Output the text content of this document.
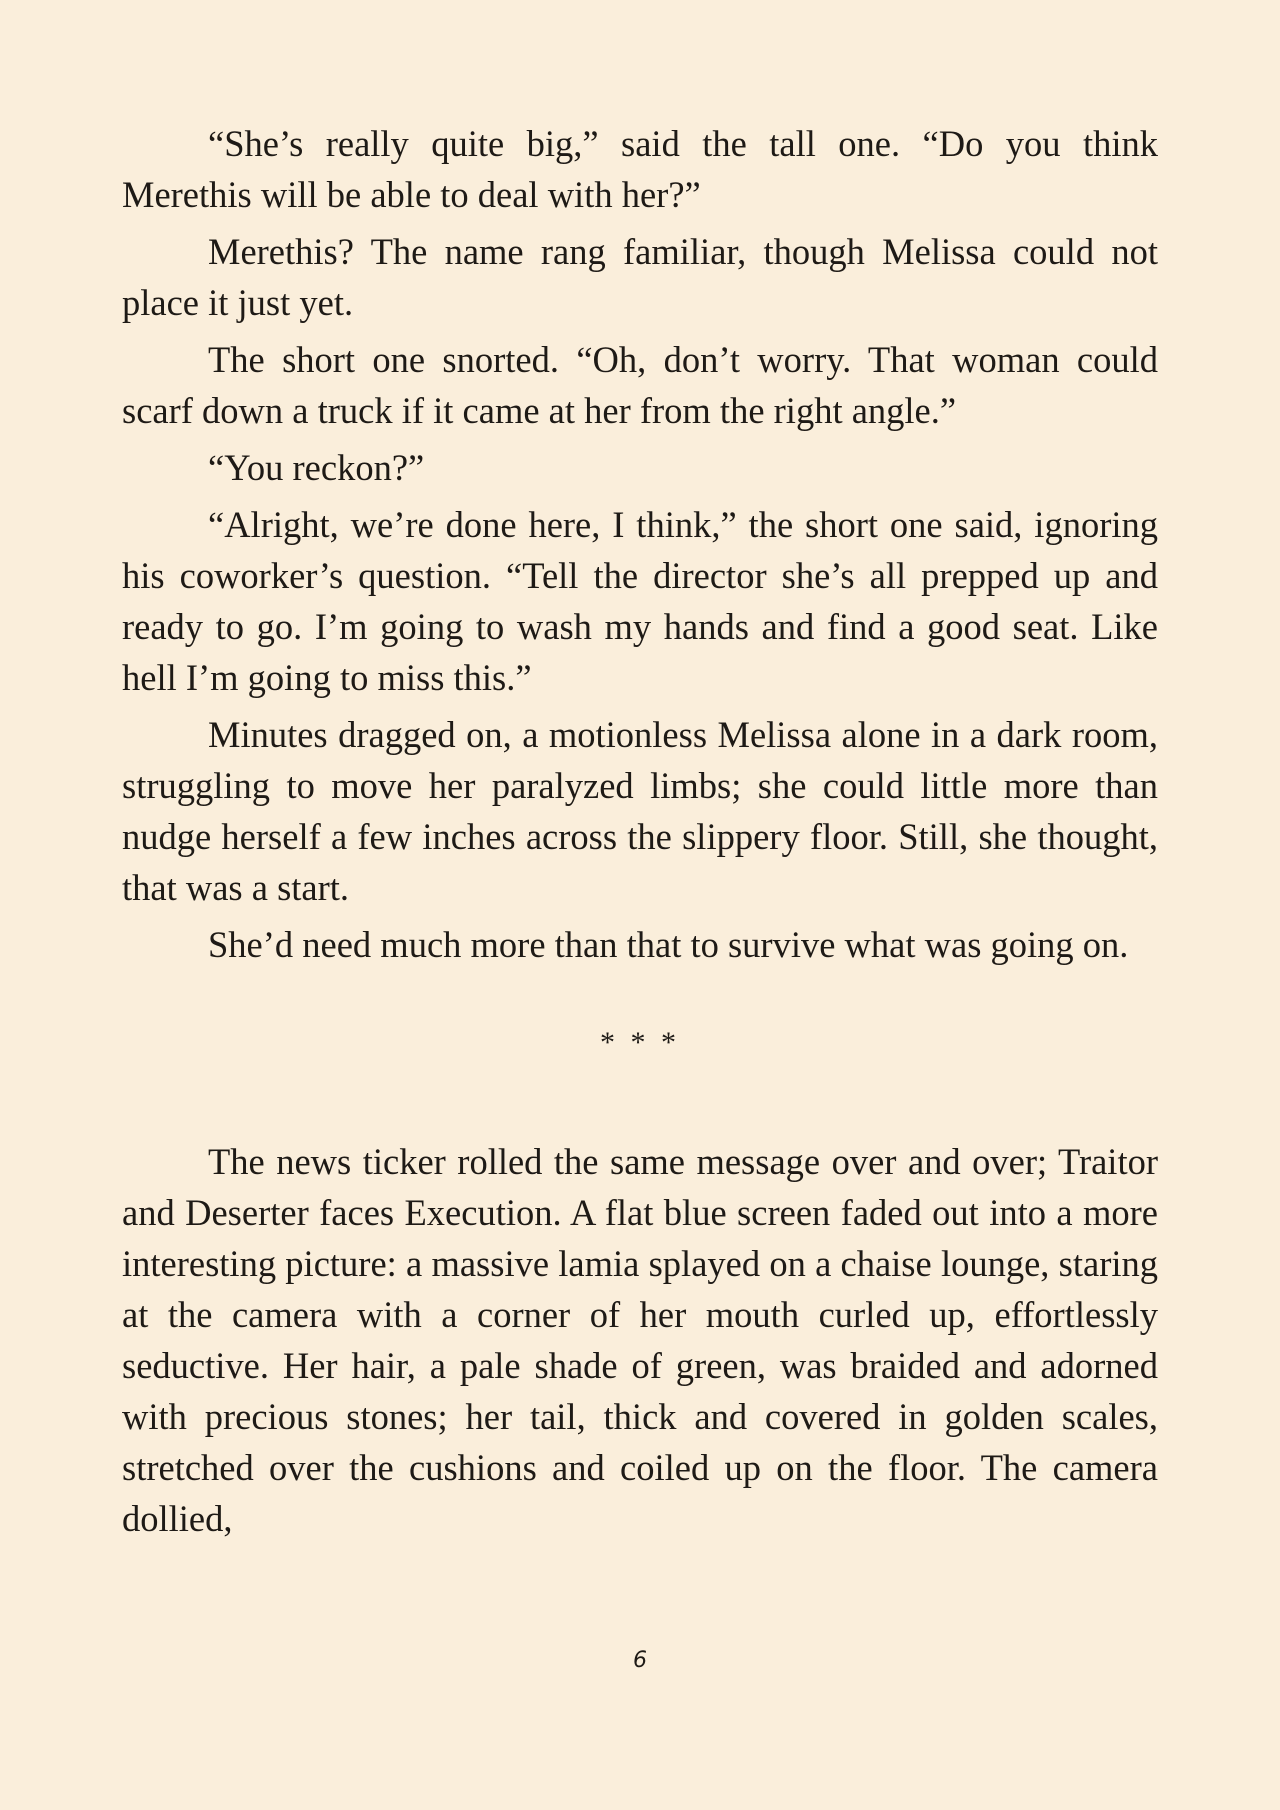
“She’s really quite big,” said the tall one. “Do you think Merethis will be able to deal with her?”

Merethis? The name rang familiar, though Melissa could not place it just yet.

The short one snorted. “Oh, don’t worry. That woman could scarf down a truck if it came at her from the right angle.”

“You reckon?”

“Alright, we’re done here, I think,” the short one said, ignoring his coworker’s question. “Tell the director she’s all prepped up and ready to go. I’m going to wash my hands and find a good seat. Like hell I’m going to miss this.”

Minutes dragged on, a motionless Melissa alone in a dark room, struggling to move her paralyzed limbs; she could little more than nudge herself a few inches across the slippery floor. Still, she thought, that was a start.

She’d need much more than that to survive what was going on.

* * *

The news ticker rolled the same message over and over; Traitor and Deserter faces Execution. A flat blue screen faded out into a more interesting picture: a massive lamia splayed on a chaise lounge, staring at the camera with a corner of her mouth curled up, effortlessly seductive. Her hair, a pale shade of green, was braided and adorned with precious stones; her tail, thick and covered in golden scales, stretched over the cushions and coiled up on the floor. The camera dollied,

6
